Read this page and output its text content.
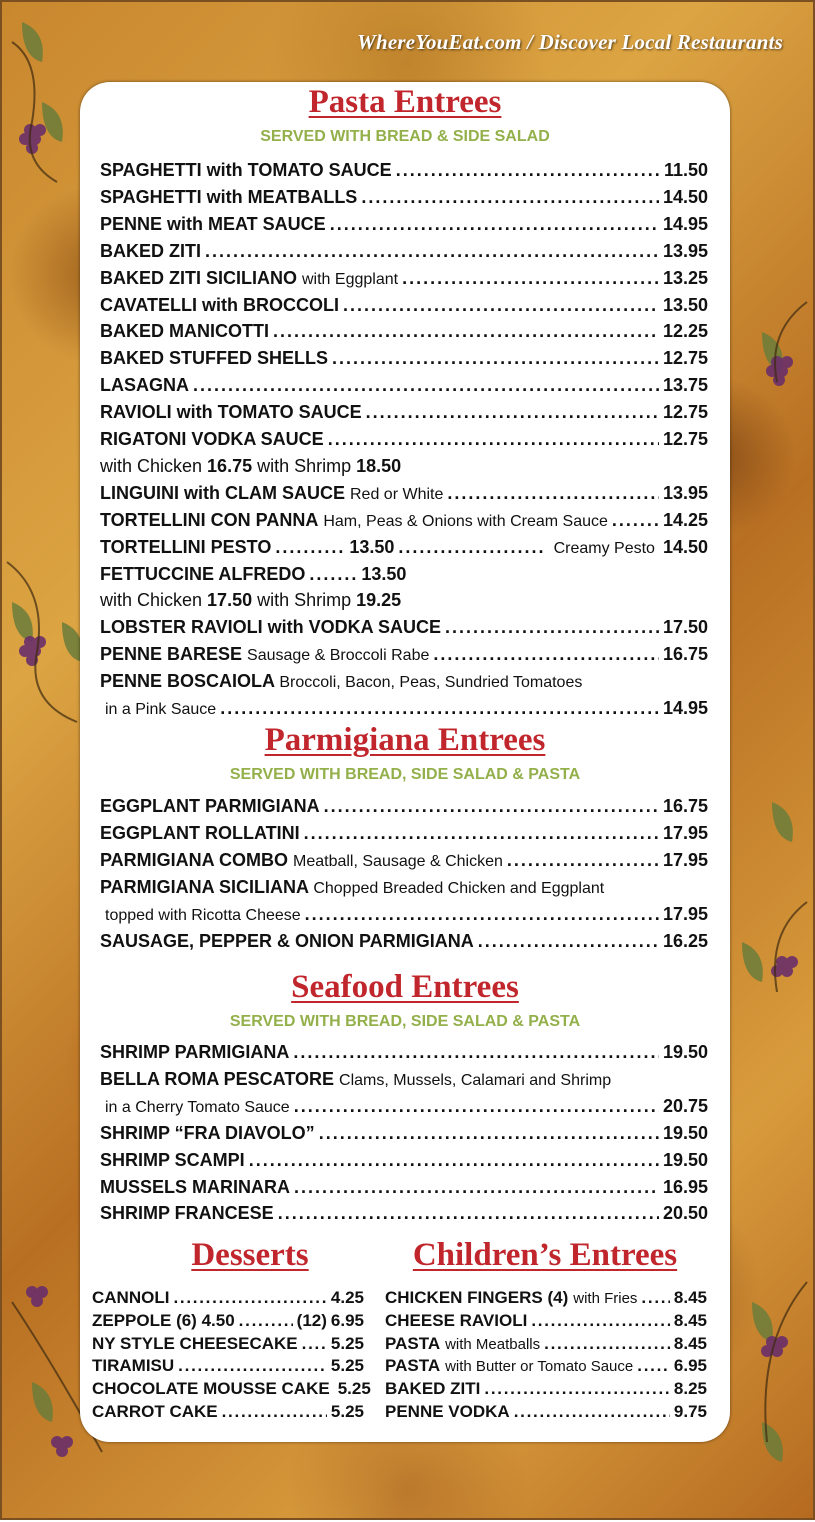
WhereYouEat.com / Discover Local Restaurants
Pasta Entrees
SERVED WITH BREAD & SIDE SALAD
SPAGHETTI with TOMATO SAUCE . . .	11.50
SPAGHETTI with MEATBALLS . . .	14.50
PENNE with MEAT SAUCE . . .	14.95
BAKED ZITI . . .	13.95
BAKED ZITI SICILIANO with Eggplant . . .	13.25
CAVATELLI with BROCCOLI . . .	13.50
BAKED MANICOTTI . . .	12.25
BAKED STUFFED SHELLS . . .	12.75
LASAGNA . . .	13.75
RAVIOLI with TOMATO SAUCE . . .	12.75
RIGATONI VODKA SAUCE . . .	12.75
with Chicken 16.75 with Shrimp 18.50
LINGUINI with CLAM SAUCE Red or White . . .	13.95
TORTELLINI CON PANNA Ham, Peas & Onions with Cream Sauce . . .	14.25
TORTELLINI PESTO . . .	13.50 . . .	Creamy Pesto 14.50
FETTUCCINE ALFREDO . . .	13.50
with Chicken 17.50 with Shrimp 19.25
LOBSTER RAVIOLI with VODKA SAUCE . . .	17.50
PENNE BARESE Sausage & Broccoli Rabe . . .	16.75
PENNE BOSCAIOLA Broccoli, Bacon, Peas, Sundried Tomatoes
in a Pink Sauce . . .	14.95
Parmigiana Entrees
SERVED WITH BREAD, SIDE SALAD & PASTA
EGGPLANT PARMIGIANA . . .	16.75
EGGPLANT ROLLATINI . . .	17.95
PARMIGIANA COMBO Meatball, Sausage & Chicken . . .	17.95
PARMIGIANA SICILIANA Chopped Breaded Chicken and Eggplant
topped with Ricotta Cheese . . .	17.95
SAUSAGE, PEPPER & ONION PARMIGIANA . . .	16.25
Seafood Entrees
SERVED WITH BREAD, SIDE SALAD & PASTA
SHRIMP PARMIGIANA . . .	19.50
BELLA ROMA PESCATORE Clams, Mussels, Calamari and Shrimp
in a Cherry Tomato Sauce . . .	20.75
SHRIMP “FRA DIAVOLO” . . .	19.50
SHRIMP SCAMPI . . .	19.50
MUSSELS MARINARA . . .	16.95
SHRIMP FRANCESE . . .	20.50
Desserts	Children’s Entrees
CANNOLI . . .	4.25
ZEPPOLE (6) 4.50 . . .	(12) 6.95
NY STYLE CHEESECAKE . . . 5.25
TIRAMISU . . .	5.25
CHOCOLATE MOUSSE CAKE 5.25
CARROT CAKE . . .	5.25
CHICKEN FINGERS (4) with Fries . . . 8.45
CHEESE RAVIOLI . . .	8.45
PASTA with Meatballs . . .	8.45
PASTA with Butter or Tomato Sauce . . . 6.95
BAKED ZITI . . .	8.25
PENNE VODKA . . .	9.75
